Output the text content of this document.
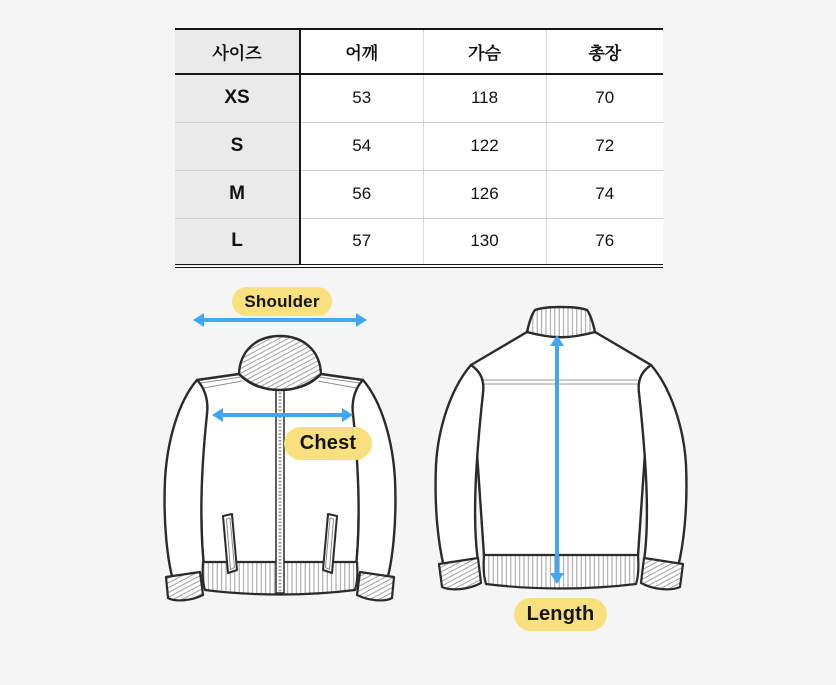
사이즈	어깨	가슴	총장
XS	53	118	70
S	54	122	72
M	56	126	74
L	57	130	76
Shoulder
Chest
Length
